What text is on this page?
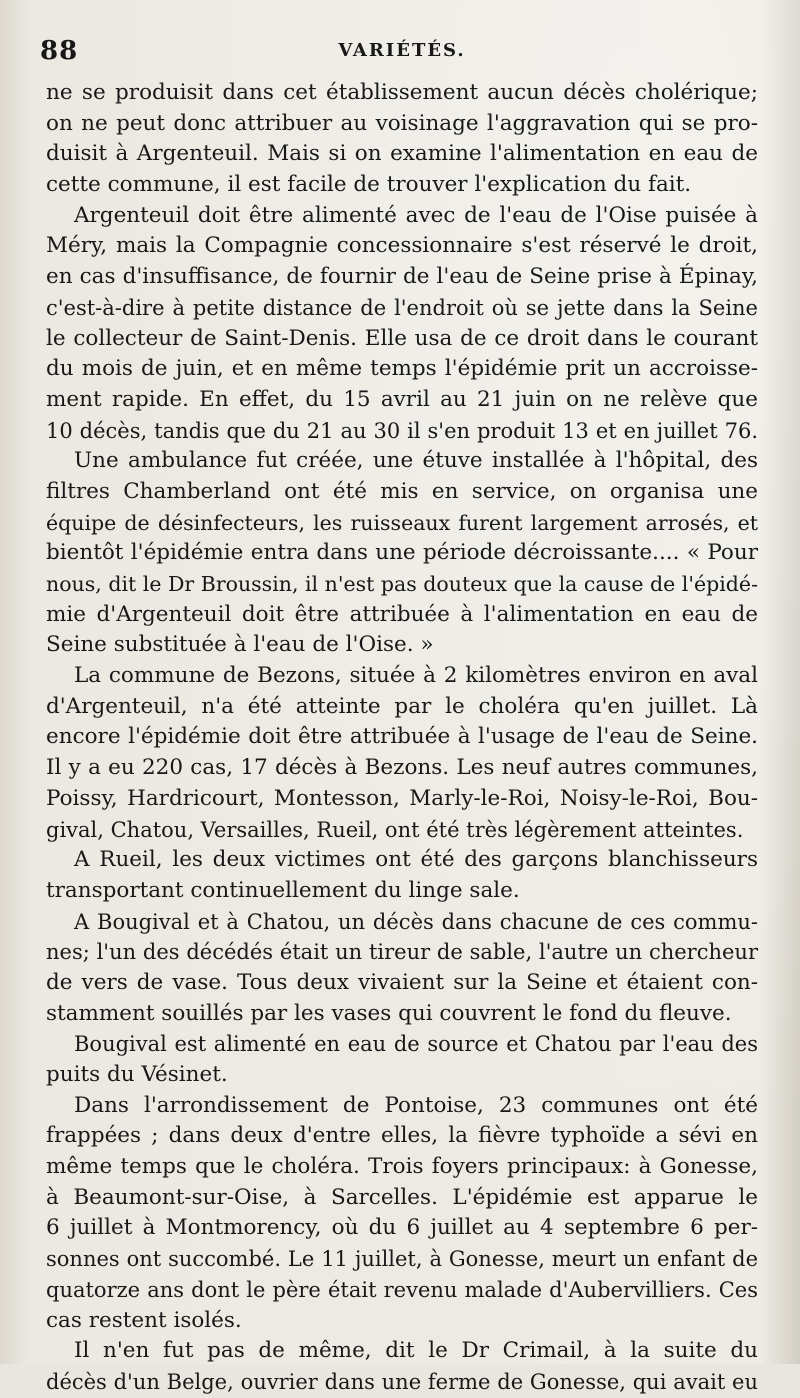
88	VARIÉTÉS.
ne se produisit dans cet établissement aucun décès cholérique;
on ne peut donc attribuer au voisinage l'aggravation qui se pro-
duisit à Argenteuil. Mais si on examine l'alimentation en eau de
cette commune, il est facile de trouver l'explication du fait.
Argenteuil doit être alimenté avec de l'eau de l'Oise puisée à
Méry, mais la Compagnie concessionnaire s'est réservé le droit,
en cas d'insuffisance, de fournir de l'eau de Seine prise à Épinay,
c'est-à-dire à petite distance de l'endroit où se jette dans la Seine
le collecteur de Saint-Denis. Elle usa de ce droit dans le courant
du mois de juin, et en même temps l'épidémie prit un accroisse-
ment rapide. En effet, du 15 avril au 21 juin on ne relève que
10 décès, tandis que du 21 au 30 il s'en produit 13 et en juillet 76.
Une ambulance fut créée, une étuve installée à l'hôpital, des
filtres Chamberland ont été mis en service, on organisa une
équipe de désinfecteurs, les ruisseaux furent largement arrosés, et
bientôt l'épidémie entra dans une période décroissante.... « Pour
nous, dit le Dr Broussin, il n'est pas douteux que la cause de l'épidé-
mie d'Argenteuil doit être attribuée à l'alimentation en eau de
Seine substituée à l'eau de l'Oise. »
La commune de Bezons, située à 2 kilomètres environ en aval
d'Argenteuil, n'a été atteinte par le choléra qu'en juillet. Là
encore l'épidémie doit être attribuée à l'usage de l'eau de Seine.
Il y a eu 220 cas, 17 décès à Bezons. Les neuf autres communes,
Poissy, Hardricourt, Montesson, Marly-le-Roi, Noisy-le-Roi, Bou-
gival, Chatou, Versailles, Rueil, ont été très légèrement atteintes.
A Rueil, les deux victimes ont été des garçons blanchisseurs
transportant continuellement du linge sale.
A Bougival et à Chatou, un décès dans chacune de ces commu-
nes; l'un des décédés était un tireur de sable, l'autre un chercheur
de vers de vase. Tous deux vivaient sur la Seine et étaient con-
stamment souillés par les vases qui couvrent le fond du fleuve.
Bougival est alimenté en eau de source et Chatou par l'eau des
puits du Vésinet.
Dans l'arrondissement de Pontoise, 23 communes ont été
frappées ; dans deux d'entre elles, la fièvre typhoïde a sévi en
même temps que le choléra. Trois foyers principaux: à Gonesse,
à Beaumont-sur-Oise, à Sarcelles. L'épidémie est apparue le
6 juillet à Montmorency, où du 6 juillet au 4 septembre 6 per-
sonnes ont succombé. Le 11 juillet, à Gonesse, meurt un enfant de
quatorze ans dont le père était revenu malade d'Aubervilliers. Ces
cas restent isolés.
Il n'en fut pas de même, dit le Dr Crimail, à la suite du
décès d'un Belge, ouvrier dans une ferme de Gonesse, qui avait eu
